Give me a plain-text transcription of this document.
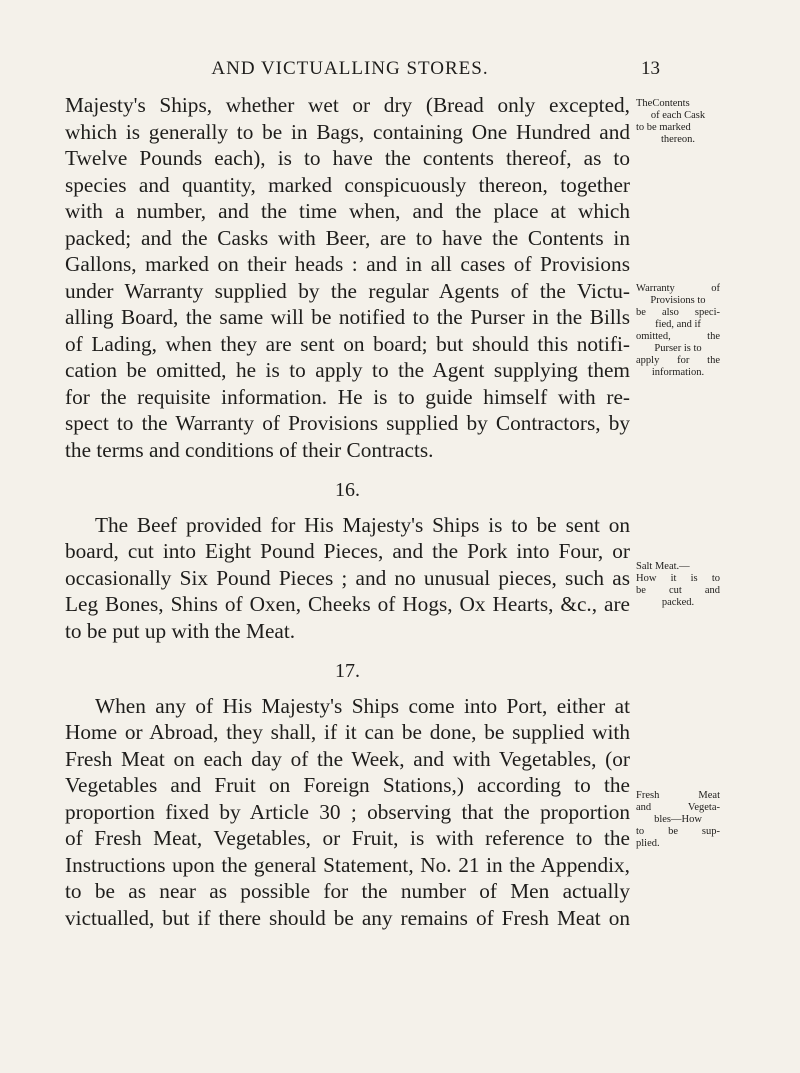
AND VICTUALLING STORES.	13
Majesty's Ships, whether wet or dry (Bread only excepted,
which is generally to be in Bags, containing One Hundred and
Twelve Pounds each), is to have the contents thereof, as to
species and quantity, marked conspicuously thereon, together
with a number, and the time when, and the place at which
packed; and the Casks with Beer, are to have the Contents in
Gallons, marked on their heads : and in all cases of Provisions
under Warranty supplied by the regular Agents of the Victu-
alling Board, the same will be notified to the Purser in the Bills
of Lading, when they are sent on board; but should this notifi-
cation be omitted, he is to apply to the Agent supplying them
for the requisite information. He is to guide himself with re-
spect to the Warranty of Provisions supplied by Contractors, by
the terms and conditions of their Contracts.
16.
The Beef provided for His Majesty's Ships is to be sent on
board, cut into Eight Pound Pieces, and the Pork into Four, or
occasionally Six Pound Pieces ; and no unusual pieces, such as
Leg Bones, Shins of Oxen, Cheeks of Hogs, Ox Hearts, &c., are
to be put up with the Meat.
17.
When any of His Majesty's Ships come into Port, either at
Home or Abroad, they shall, if it can be done, be supplied with
Fresh Meat on each day of the Week, and with Vegetables, (or
Vegetables and Fruit on Foreign Stations,) according to the
proportion fixed by Article 30 ; observing that the proportion
of Fresh Meat, Vegetables, or Fruit, is with reference to the
Instructions upon the general Statement, No. 21 in the Appendix,
to be as near as possible for the number of Men actually
victualled, but if there should be any remains of Fresh Meat on
TheContents
of each Cask
to be marked
thereon.
Warranty of
Provisions to
be also speci-
fied, and if
omitted, the
Purser is to
apply for the
information.
Salt Meat.—
How it is to
be cut and
packed.
Fresh Meat
and Vegeta-
bles—How
to be sup-
plied.
